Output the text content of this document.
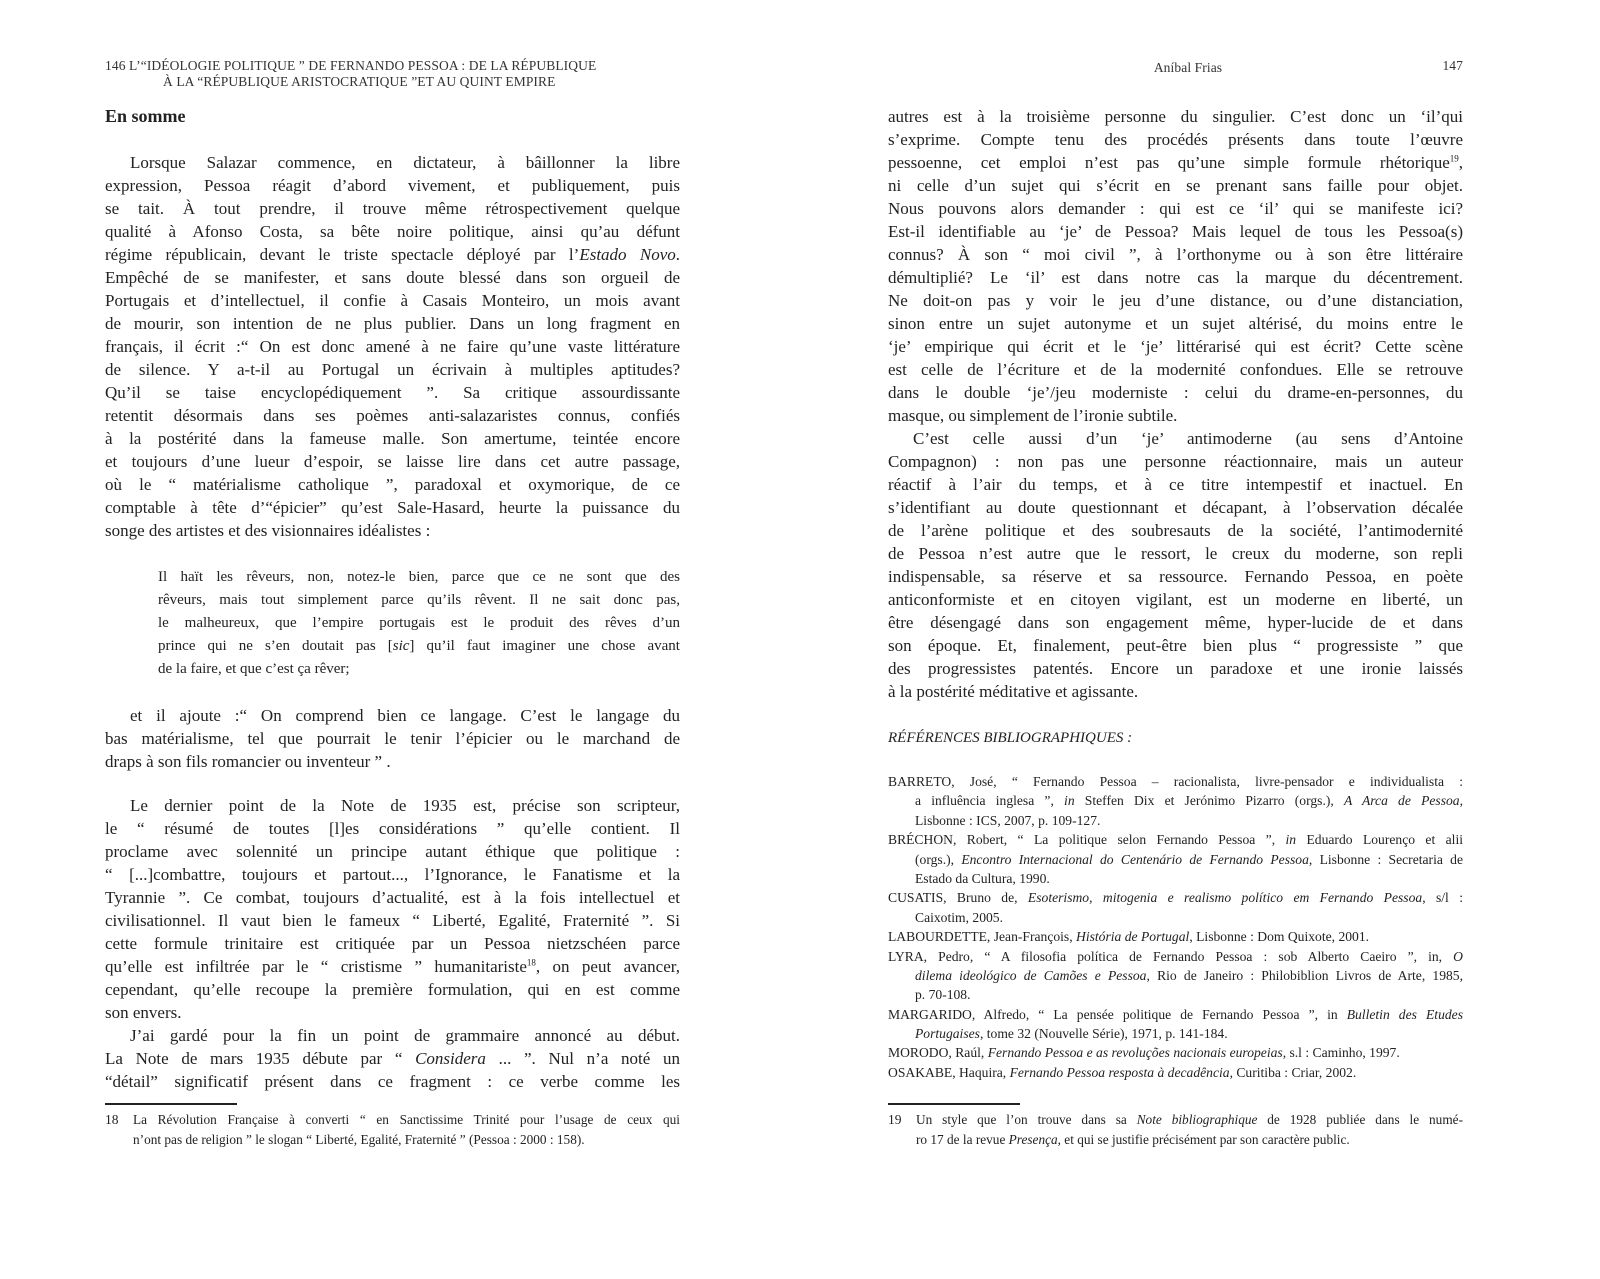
146 L’“IDÉOLOGIE POLITIQUE ” DE FERNANDO PESSOA : DE LA RÉPUBLIQUE
À LA “RÉPUBLIQUE ARISTOCRATIQUE ”ET AU QUINT EMPIRE
En somme
Lorsque Salazar commence, en dictateur, à bâillonner la libre
expression, Pessoa réagit d’abord vivement, et publiquement, puis
se tait. À tout prendre, il trouve même rétrospectivement quelque
qualité à Afonso Costa, sa bête noire politique, ainsi qu’au défunt
régime républicain, devant le triste spectacle déployé par l’Estado Novo.
Empêché de se manifester, et sans doute blessé dans son orgueil de
Portugais et d’intellectuel, il confie à Casais Monteiro, un mois avant
de mourir, son intention de ne plus publier. Dans un long fragment en
français, il écrit :“ On est donc amené à ne faire qu’une vaste littérature
de silence. Y a-t-il au Portugal un écrivain à multiples aptitudes?
Qu’il se taise encyclopédiquement ”. Sa critique assourdissante
retentit désormais dans ses poèmes anti-salazaristes connus, confiés
à la postérité dans la fameuse malle. Son amertume, teintée encore
et toujours d’une lueur d’espoir, se laisse lire dans cet autre passage,
où le “ matérialisme catholique ”, paradoxal et oxymorique, de ce
comptable à tête d’“épicier” qu’est Sale-Hasard, heurte la puissance du
songe des artistes et des visionnaires idéalistes :
Il haït les rêveurs, non, notez-le bien, parce que ce ne sont que des
rêveurs, mais tout simplement parce qu’ils rêvent. Il ne sait donc pas,
le malheureux, que l’empire portugais est le produit des rêves d’un
prince qui ne s’en doutait pas [sic] qu’il faut imaginer une chose avant
de la faire, et que c’est ça rêver;
et il ajoute :“ On comprend bien ce langage. C’est le langage du
bas matérialisme, tel que pourrait le tenir l’épicier ou le marchand de
draps à son fils romancier ou inventeur ” .
Le dernier point de la Note de 1935 est, précise son scripteur,
le “ résumé de toutes [l]es considérations ” qu’elle contient. Il
proclame avec solennité un principe autant éthique que politique :
“ [...]combattre, toujours et partout..., l’Ignorance, le Fanatisme et la
Tyrannie ”. Ce combat, toujours d’actualité, est à la fois intellectuel et
civilisationnel. Il vaut bien le fameux “ Liberté, Egalité, Fraternité ”. Si
cette formule trinitaire est critiquée par un Pessoa nietzschéen parce
qu’elle est infiltrée par le “ cristisme ” humanitariste$^{18}$, on peut avancer,
cependant, qu’elle recoupe la première formulation, qui en est comme
son envers.
J’ai gardé pour la fin un point de grammaire annoncé au début.
La Note de mars 1935 débute par “ Considera ... ”. Nul n’a noté un
“détail” significatif présent dans ce fragment : ce verbe comme les
18 La Révolution Française à converti “ en Sanctissime Trinité pour l’usage de ceux qui
n’ont pas de religion ” le slogan “ Liberté, Egalité, Fraternité ” (Pessoa : 2000 : 158).
Aníbal Frias	147
autres est à la troisième personne du singulier. C’est donc un ‘il’qui
s’exprime. Compte tenu des procédés présents dans toute l’œuvre
pessoenne, cet emploi n’est pas qu’une simple formule rhétorique$^{19}$,
ni celle d’un sujet qui s’écrit en se prenant sans faille pour objet.
Nous pouvons alors demander : qui est ce ‘il’ qui se manifeste ici?
Est-il identifiable au ‘je’ de Pessoa? Mais lequel de tous les Pessoa(s)
connus? À son “ moi civil ”, à l’orthonyme ou à son être littéraire
démultiplié? Le ‘il’ est dans notre cas la marque du décentrement.
Ne doit-on pas y voir le jeu d’une distance, ou d’une distanciation,
sinon entre un sujet autonyme et un sujet altérisé, du moins entre le
‘je’ empirique qui écrit et le ‘je’ littérarisé qui est écrit? Cette scène
est celle de l’écriture et de la modernité confondues. Elle se retrouve
dans le double ‘je’/jeu moderniste : celui du drame-en-personnes, du
masque, ou simplement de l’ironie subtile.
C’est celle aussi d’un ‘je’ antimoderne (au sens d’Antoine
Compagnon) : non pas une personne réactionnaire, mais un auteur
réactif à l’air du temps, et à ce titre intempestif et inactuel. En
s’identifiant au doute questionnant et décapant, à l’observation décalée
de l’arène politique et des soubresauts de la société, l’antimodernité
de Pessoa n’est autre que le ressort, le creux du moderne, son repli
indispensable, sa réserve et sa ressource. Fernando Pessoa, en poète
anticonformiste et en citoyen vigilant, est un moderne en liberté, un
être désengagé dans son engagement même, hyper-lucide de et dans
son époque. Et, finalement, peut-être bien plus “ progressiste ” que
des progressistes patentés. Encore un paradoxe et une ironie laissés
à la postérité méditative et agissante.
RÉFÉRENCES BIBLIOGRAPHIQUES :
BARRETO, José, “ Fernando Pessoa – racionalista, livre-pensador e individualista :
a influência inglesa ”, in Steffen Dix et Jerónimo Pizarro (orgs.), A Arca de Pessoa,
Lisbonne : ICS, 2007, p. 109-127.
BRÉCHON, Robert, “ La politique selon Fernando Pessoa ”, in Eduardo Lourenço et alii
(orgs.), Encontro Internacional do Centenário de Fernando Pessoa, Lisbonne : Secretaria de
Estado da Cultura, 1990.
CUSATIS, Bruno de, Esoterismo, mitogenia e realismo político em Fernando Pessoa, s/l :
Caixotim, 2005.
LABOURDETTE, Jean-François, História de Portugal, Lisbonne : Dom Quixote, 2001.
LYRA, Pedro, “ A filosofia política de Fernando Pessoa : sob Alberto Caeiro ”, in, O
dilema ideológico de Camões e Pessoa, Rio de Janeiro : Philobiblion Livros de Arte, 1985,
p. 70-108.
MARGARIDO, Alfredo, “ La pensée politique de Fernando Pessoa ”, in Bulletin des Etudes
Portugaises, tome 32 (Nouvelle Série), 1971, p. 141-184.
MORODO, Raúl, Fernando Pessoa e as revoluções nacionais europeias, s.l : Caminho, 1997.
OSAKABE, Haquira, Fernando Pessoa resposta à decadência, Curitiba : Criar, 2002.
19 Un style que l’on trouve dans sa Note bibliographique de 1928 publiée dans le numé-
ro 17 de la revue Presença, et qui se justifie précisément par son caractère public.
